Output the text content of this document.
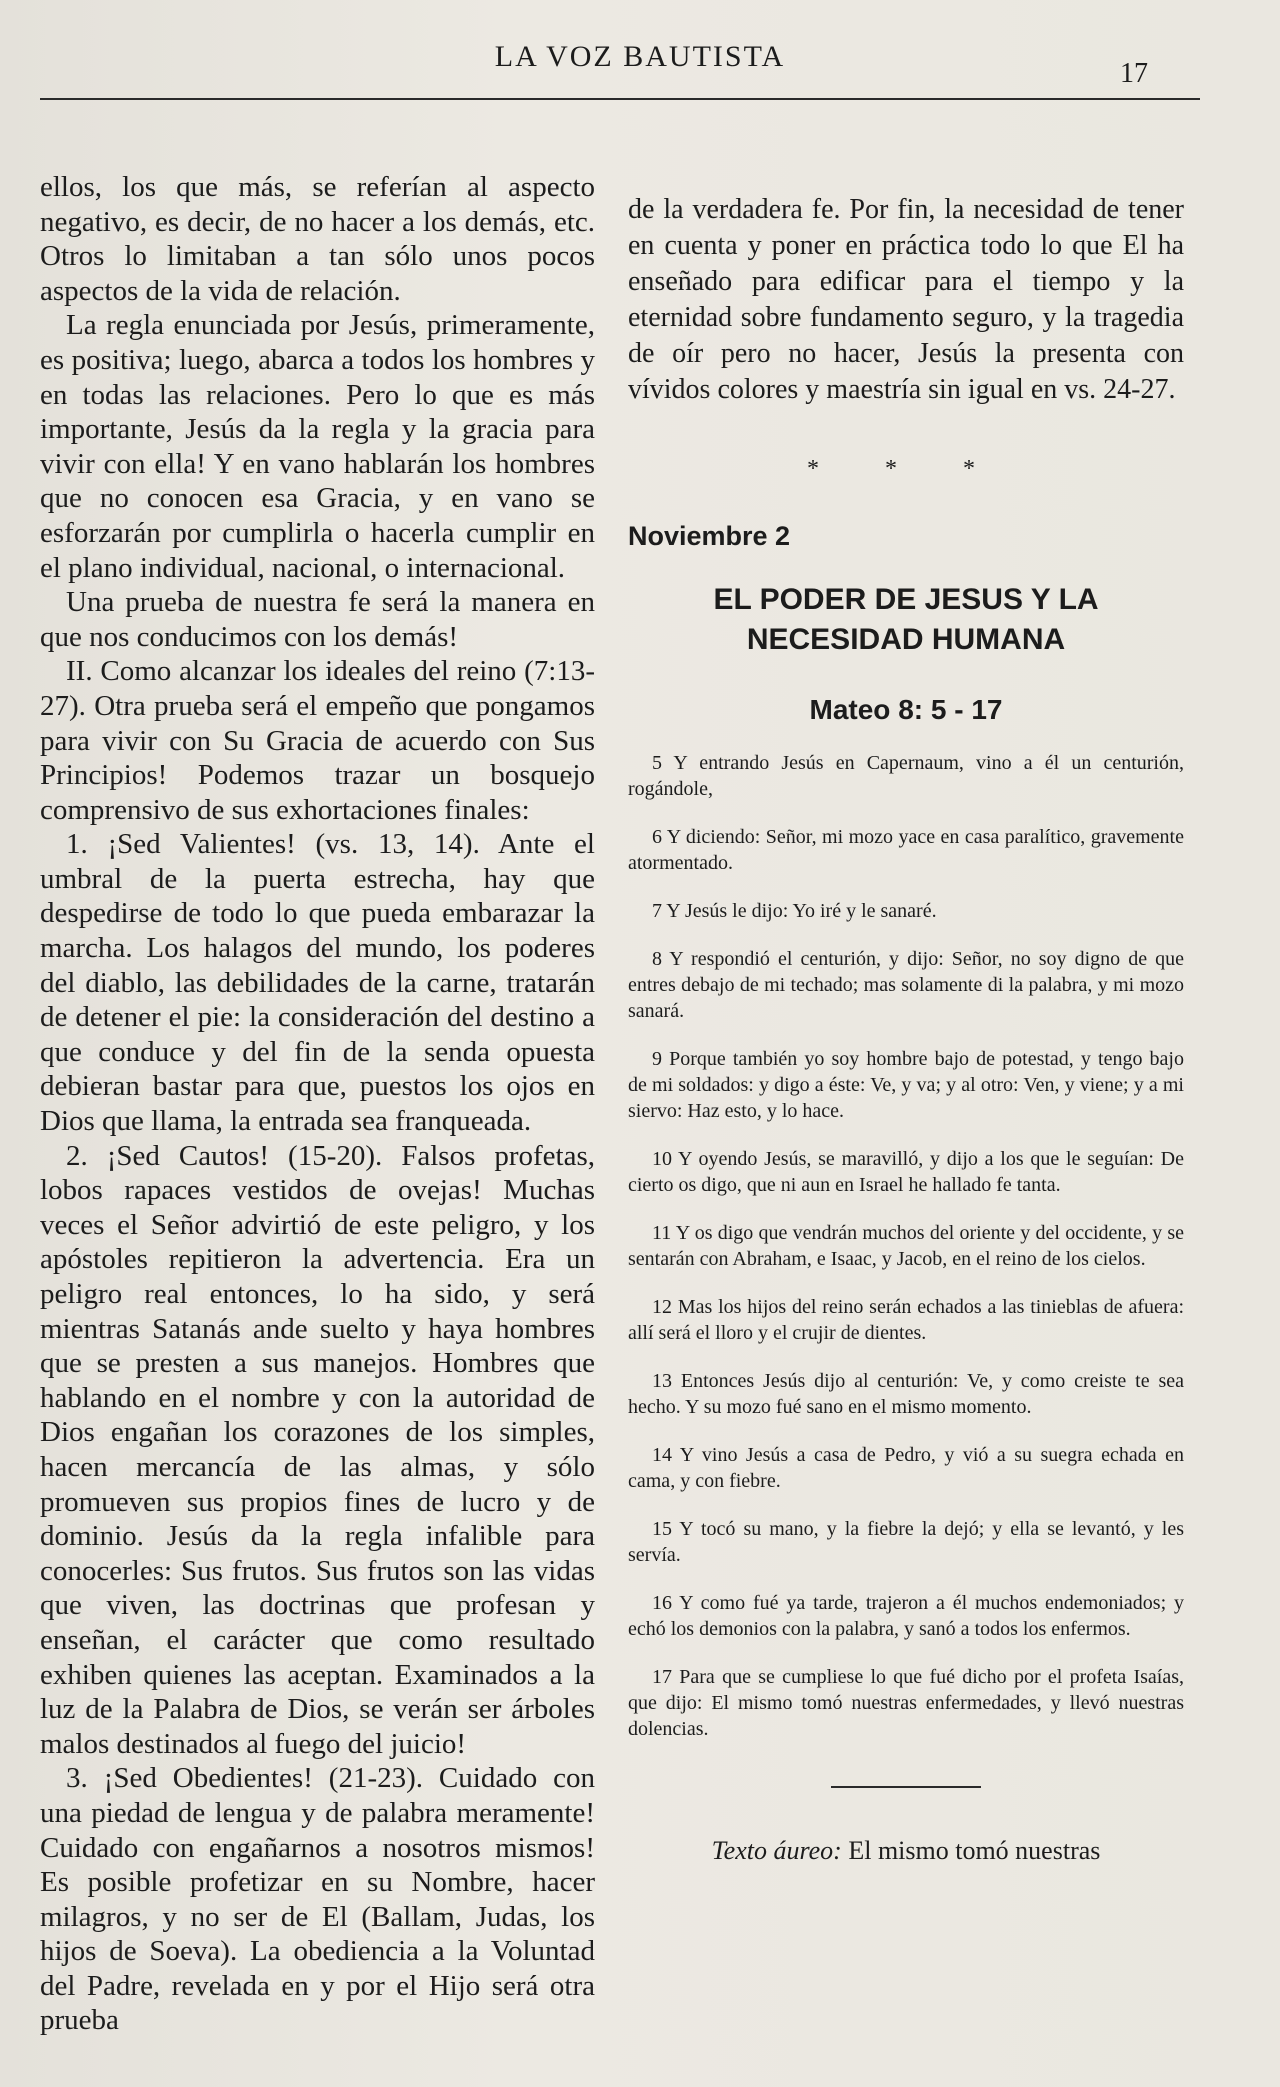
LA VOZ BAUTISTA
17

ellos, los que más, se referían al aspecto negativo, es decir, de no hacer a los demás, etc. Otros lo limitaban a tan sólo unos pocos aspectos de la vida de relación.

La regla enunciada por Jesús, primeramente, es positiva; luego, abarca a todos los hombres y en todas las relaciones. Pero lo que es más importante, Jesús da la regla y la gracia para vivir con ella! Y en vano hablarán los hombres que no conocen esa Gracia, y en vano se esforzarán por cumplirla o hacerla cumplir en el plano individual, nacional, o internacional.

Una prueba de nuestra fe será la manera en que nos conducimos con los demás!

II. Como alcanzar los ideales del reino (7:13-27). Otra prueba será el empeño que pongamos para vivir con Su Gracia de acuerdo con Sus Principios! Podemos trazar un bosquejo comprensivo de sus exhortaciones finales:

1. ¡Sed Valientes! (vs. 13, 14). Ante el umbral de la puerta estrecha, hay que despedirse de todo lo que pueda embarazar la marcha. Los halagos del mundo, los poderes del diablo, las debilidades de la carne, tratarán de detener el pie: la consideración del destino a que conduce y del fin de la senda opuesta debieran bastar para que, puestos los ojos en Dios que llama, la entrada sea franqueada.

2. ¡Sed Cautos! (15-20). Falsos profetas, lobos rapaces vestidos de ovejas! Muchas veces el Señor advirtió de este peligro, y los apóstoles repitieron la advertencia. Era un peligro real entonces, lo ha sido, y será mientras Satanás ande suelto y haya hombres que se presten a sus manejos. Hombres que hablando en el nombre y con la autoridad de Dios engañan los corazones de los simples, hacen mercancía de las almas, y sólo promueven sus propios fines de lucro y de dominio. Jesús da la regla infalible para conocerles: Sus frutos. Sus frutos son las vidas que viven, las doctrinas que profesan y enseñan, el carácter que como resultado exhiben quienes las aceptan. Examinados a la luz de la Palabra de Dios, se verán ser árboles malos destinados al fuego del juicio!

3. ¡Sed Obedientes! (21-23). Cuidado con una piedad de lengua y de palabra meramente! Cuidado con engañarnos a nosotros mismos! Es posible profetizar en su Nombre, hacer milagros, y no ser de El (Ballam, Judas, los hijos de Soeva). La obediencia a la Voluntad del Padre, revelada en y por el Hijo será otra prueba

de la verdadera fe. Por fin, la necesidad de tener en cuenta y poner en práctica todo lo que El ha enseñado para edificar para el tiempo y la eternidad sobre fundamento seguro, y la tragedia de oír pero no hacer, Jesús la presenta con vívidos colores y maestría sin igual en vs. 24-27.

* * *
Noviembre 2
EL PODER DE JESUS Y LA NECESIDAD HUMANA
Mateo 8: 5 - 17

5 Y entrando Jesús en Capernaum, vino a él un centurión, rogándole,

6 Y diciendo: Señor, mi mozo yace en casa paralítico, gravemente atormentado.

7 Y Jesús le dijo: Yo iré y le sanaré.

8 Y respondió el centurión, y dijo: Señor, no soy digno de que entres debajo de mi techado; mas solamente di la palabra, y mi mozo sanará.

9 Porque también yo soy hombre bajo de potestad, y tengo bajo de mi soldados: y digo a éste: Ve, y va; y al otro: Ven, y viene; y a mi siervo: Haz esto, y lo hace.

10 Y oyendo Jesús, se maravilló, y dijo a los que le seguían: De cierto os digo, que ni aun en Israel he hallado fe tanta.

11 Y os digo que vendrán muchos del oriente y del occidente, y se sentarán con Abraham, e Isaac, y Jacob, en el reino de los cielos.

12 Mas los hijos del reino serán echados a las tinieblas de afuera: allí será el lloro y el crujir de dientes.

13 Entonces Jesús dijo al centurión: Ve, y como creiste te sea hecho. Y su mozo fué sano en el mismo momento.

14 Y vino Jesús a casa de Pedro, y vió a su suegra echada en cama, y con fiebre.

15 Y tocó su mano, y la fiebre la dejó; y ella se levantó, y les servía.

16 Y como fué ya tarde, trajeron a él muchos endemoniados; y echó los demonios con la palabra, y sanó a todos los enfermos.

17 Para que se cumpliese lo que fué dicho por el profeta Isaías, que dijo: El mismo tomó nuestras enfermedades, y llevó nuestras dolencias.

Texto áureo: El mismo tomó nuestras
